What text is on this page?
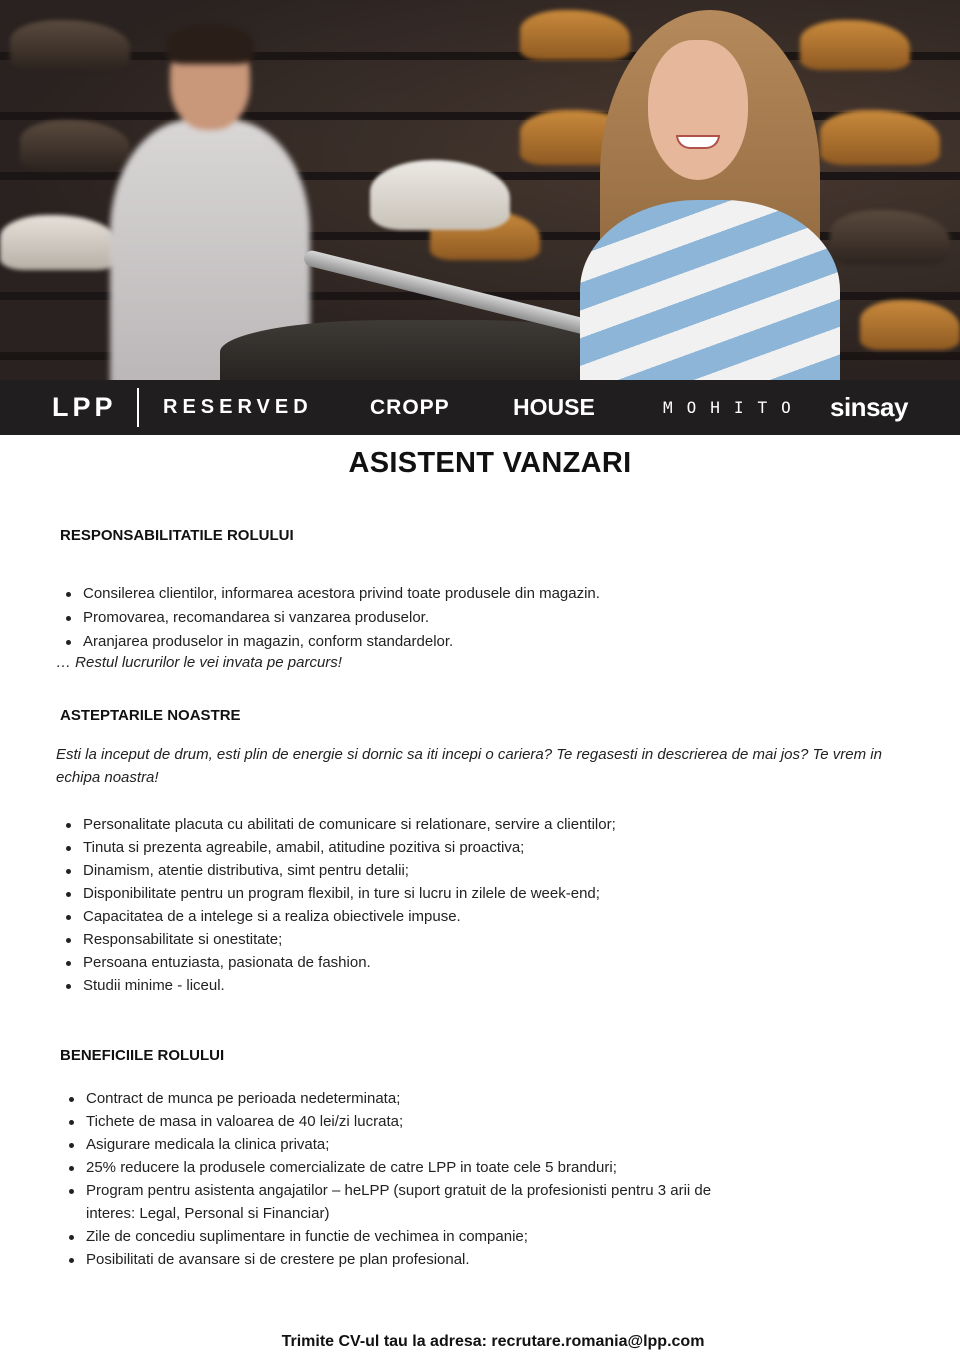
LPP RESERVED	CROPP	HOUSE	MOHITO sinsay
ASISTENT VANZARI
RESPONSABILITATILE ROLULUI
Consilerea clientilor, informarea acestora privind toate produsele din magazin.
Promovarea, recomandarea si vanzarea produselor.
Aranjarea produselor in magazin, conform standardelor.
… Restul lucrurilor le vei invata pe parcurs!
ASTEPTARILE NOASTRE

Esti la inceput de drum, esti plin de energie si dornic sa iti incepi o cariera? Te regasesti in descrierea de mai jos? Te vrem in echipa noastra!

Personalitate placuta cu abilitati de comunicare si relationare, servire a clientilor;
Tinuta si prezenta agreabile, amabil, atitudine pozitiva si proactiva;
Dinamism, atentie distributiva, simt pentru detalii;
Disponibilitate pentru un program flexibil, in ture si lucru in zilele de week-end;
Capacitatea de a intelege si a realiza obiectivele impuse.
Responsabilitate si onestitate;
Persoana entuziasta, pasionata de fashion.
Studii minime - liceul.
BENEFICIILE ROLULUI
Contract de munca pe perioada nedeterminata;
Tichete de masa in valoarea de 40 lei/zi lucrata;
Asigurare medicala la clinica privata;
25% reducere la produsele comercializate de catre LPP in toate cele 5 branduri;
Program pentru asistenta angajatilor – heLPP (suport gratuit de la profesionisti pentru 3 arii de
interes: Legal, Personal si Financiar)
Zile de concediu suplimentare in functie de vechimea in companie;
Posibilitati de avansare si de crestere pe plan profesional.
Trimite CV-ul tau la adresa: recrutare.romania@lpp.com
